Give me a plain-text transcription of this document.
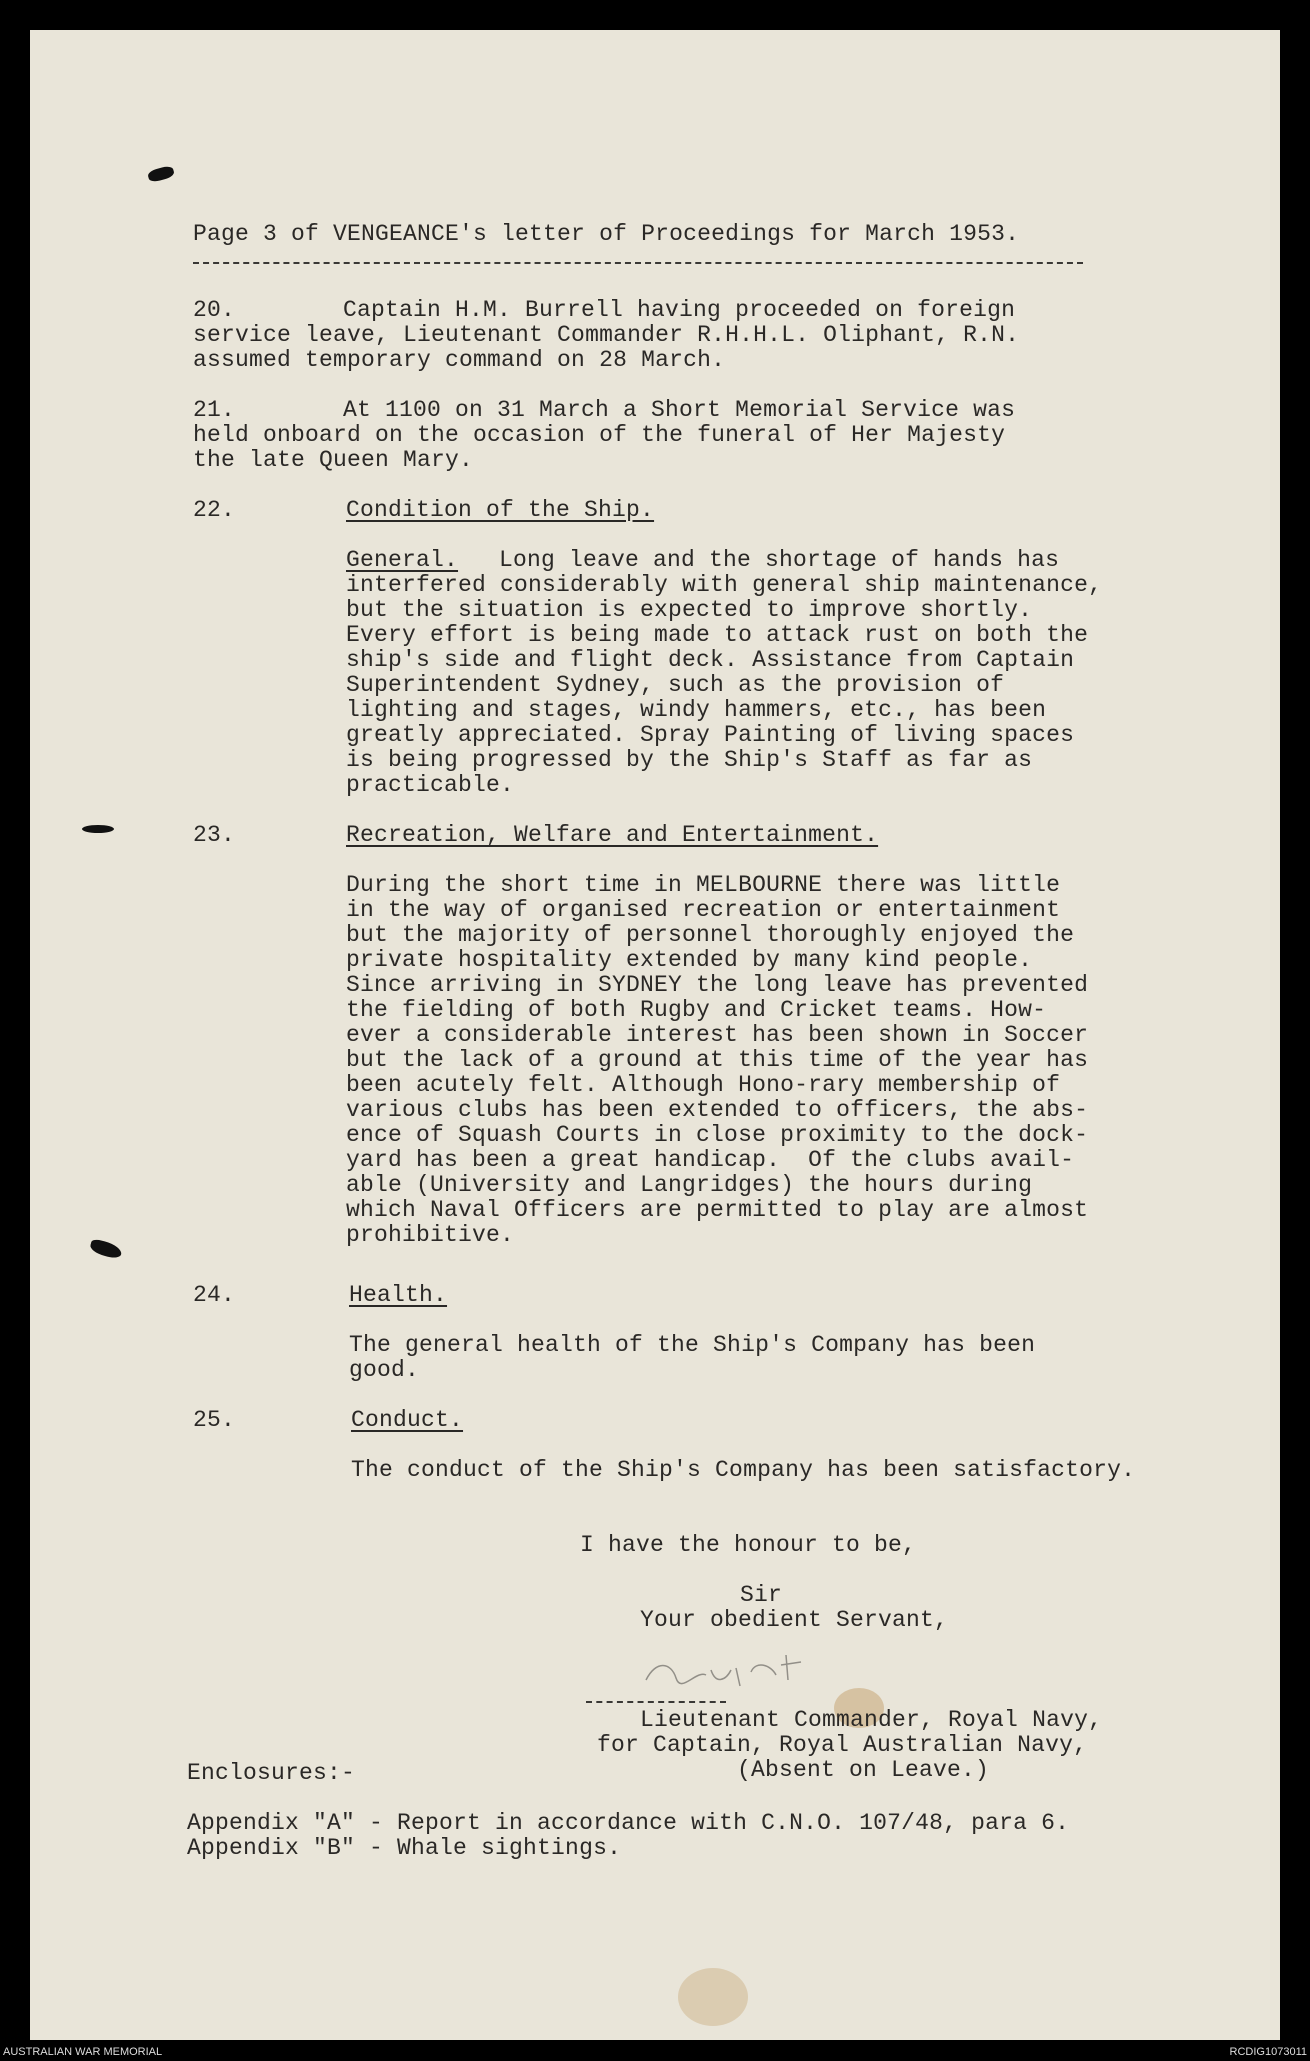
Page 3 of VENGEANCE's letter of Proceedings for March 1953.
20.	Captain H.M. Burrell having proceeded on foreign
service leave, Lieutenant Commander R.H.H.L. Oliphant, R.N.
assumed temporary command on 28 March.
21.	At 1100 on 31 March a Short Memorial Service was
held onboard on the occasion of the funeral of Her Majesty
the late Queen Mary.
22.	Condition of the Ship.
General. Long leave and the shortage of hands has
interfered considerably with general ship maintenance,
but the situation is expected to improve shortly.
Every effort is being made to attack rust on both the
ship's side and flight deck. Assistance from Captain
Superintendent Sydney, such as the provision of
lighting and stages, windy hammers, etc., has been
greatly appreciated. Spray Painting of living spaces
is being progressed by the Ship's Staff as far as
practicable.
23.	Recreation, Welfare and Entertainment.
During the short time in MELBOURNE there was little
in the way of organised recreation or entertainment
but the majority of personnel thoroughly enjoyed the
private hospitality extended by many kind people.
Since arriving in SYDNEY the long leave has prevented
the fielding of both Rugby and Cricket teams. How-
ever a considerable interest has been shown in Soccer
but the lack of a ground at this time of the year has
been acutely felt. Although Hono-rary membership of
various clubs has been extended to officers, the abs-
ence of Squash Courts in close proximity to the dock-
yard has been a great handicap.  Of the clubs avail-
able (University and Langridges) the hours during
which Naval Officers are permitted to play are almost
prohibitive.
24.	Health.
The general health of the Ship's Company has been
good.
25.	Conduct.
The conduct of the Ship's Company has been satisfactory.
I have the honour to be,
Sir
Your obedient Servant,
Lieutenant Commander, Royal Navy,
for Captain, Royal Australian Navy,
(Absent on Leave.)
Enclosures:-
Appendix "A" - Report in accordance with C.N.O. 107/48, para 6.
Appendix "B" - Whale sightings.
AUSTRALIAN WAR MEMORIAL	RCDIG1073011
